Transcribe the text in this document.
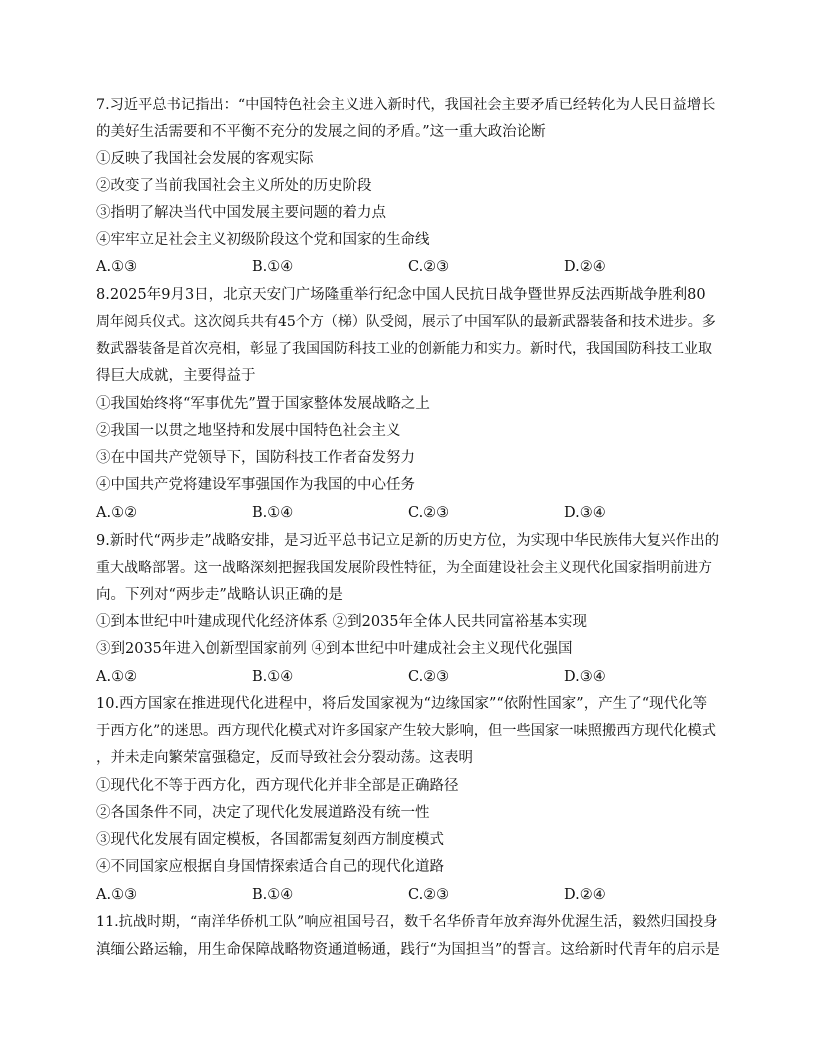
7.习近平总书记指出：“中国特色社会主义进入新时代，我国社会主要矛盾已经转化为人民日益增长
的美好生活需要和不平衡不充分的发展之间的矛盾。”这一重大政治论断
①反映了我国社会发展的客观实际
②改变了当前我国社会主义所处的历史阶段
③指明了解决当代中国发展主要问题的着力点
④牢牢立足社会主义初级阶段这个党和国家的生命线
A.①③	B.①④	C.②③	D.②④
8.2025年9月3日，北京天安门广场隆重举行纪念中国人民抗日战争暨世界反法西斯战争胜利80
周年阅兵仪式。这次阅兵共有45个方（梯）队受阅，展示了中国军队的最新武器装备和技术进步。多
数武器装备是首次亮相，彰显了我国国防科技工业的创新能力和实力。新时代，我国国防科技工业取
得巨大成就，主要得益于
①我国始终将“军事优先”置于国家整体发展战略之上
②我国一以贯之地坚持和发展中国特色社会主义
③在中国共产党领导下，国防科技工作者奋发努力
④中国共产党将建设军事强国作为我国的中心任务
A.①②	B.①④	C.②③	D.③④
9.新时代“两步走”战略安排，是习近平总书记立足新的历史方位，为实现中华民族伟大复兴作出的
重大战略部署。这一战略深刻把握我国发展阶段性特征，为全面建设社会主义现代化国家指明前进方
向。下列对“两步走”战略认识正确的是
①到本世纪中叶建成现代化经济体系 ②到2035年全体人民共同富裕基本实现
③到2035年进入创新型国家前列 ④到本世纪中叶建成社会主义现代化强国
A.①②	B.①④	C.②③	D.③④
10.西方国家在推进现代化进程中，将后发国家视为“边缘国家”“依附性国家”，产生了“现代化等
于西方化”的迷思。西方现代化模式对许多国家产生较大影响，但一些国家一味照搬西方现代化模式
，并未走向繁荣富强稳定，反而导致社会分裂动荡。这表明
①现代化不等于西方化，西方现代化并非全部是正确路径
②各国条件不同，决定了现代化发展道路没有统一性
③现代化发展有固定模板，各国都需复刻西方制度模式
④不同国家应根据自身国情探索适合自己的现代化道路
A.①③	B.①④	C.②③	D.②④
11.抗战时期，“南洋华侨机工队”响应祖国号召，数千名华侨青年放弃海外优渥生活，毅然归国投身
滇缅公路运输，用生命保障战略物资通道畅通，践行“为国担当”的誓言。这给新时代青年的启示是
